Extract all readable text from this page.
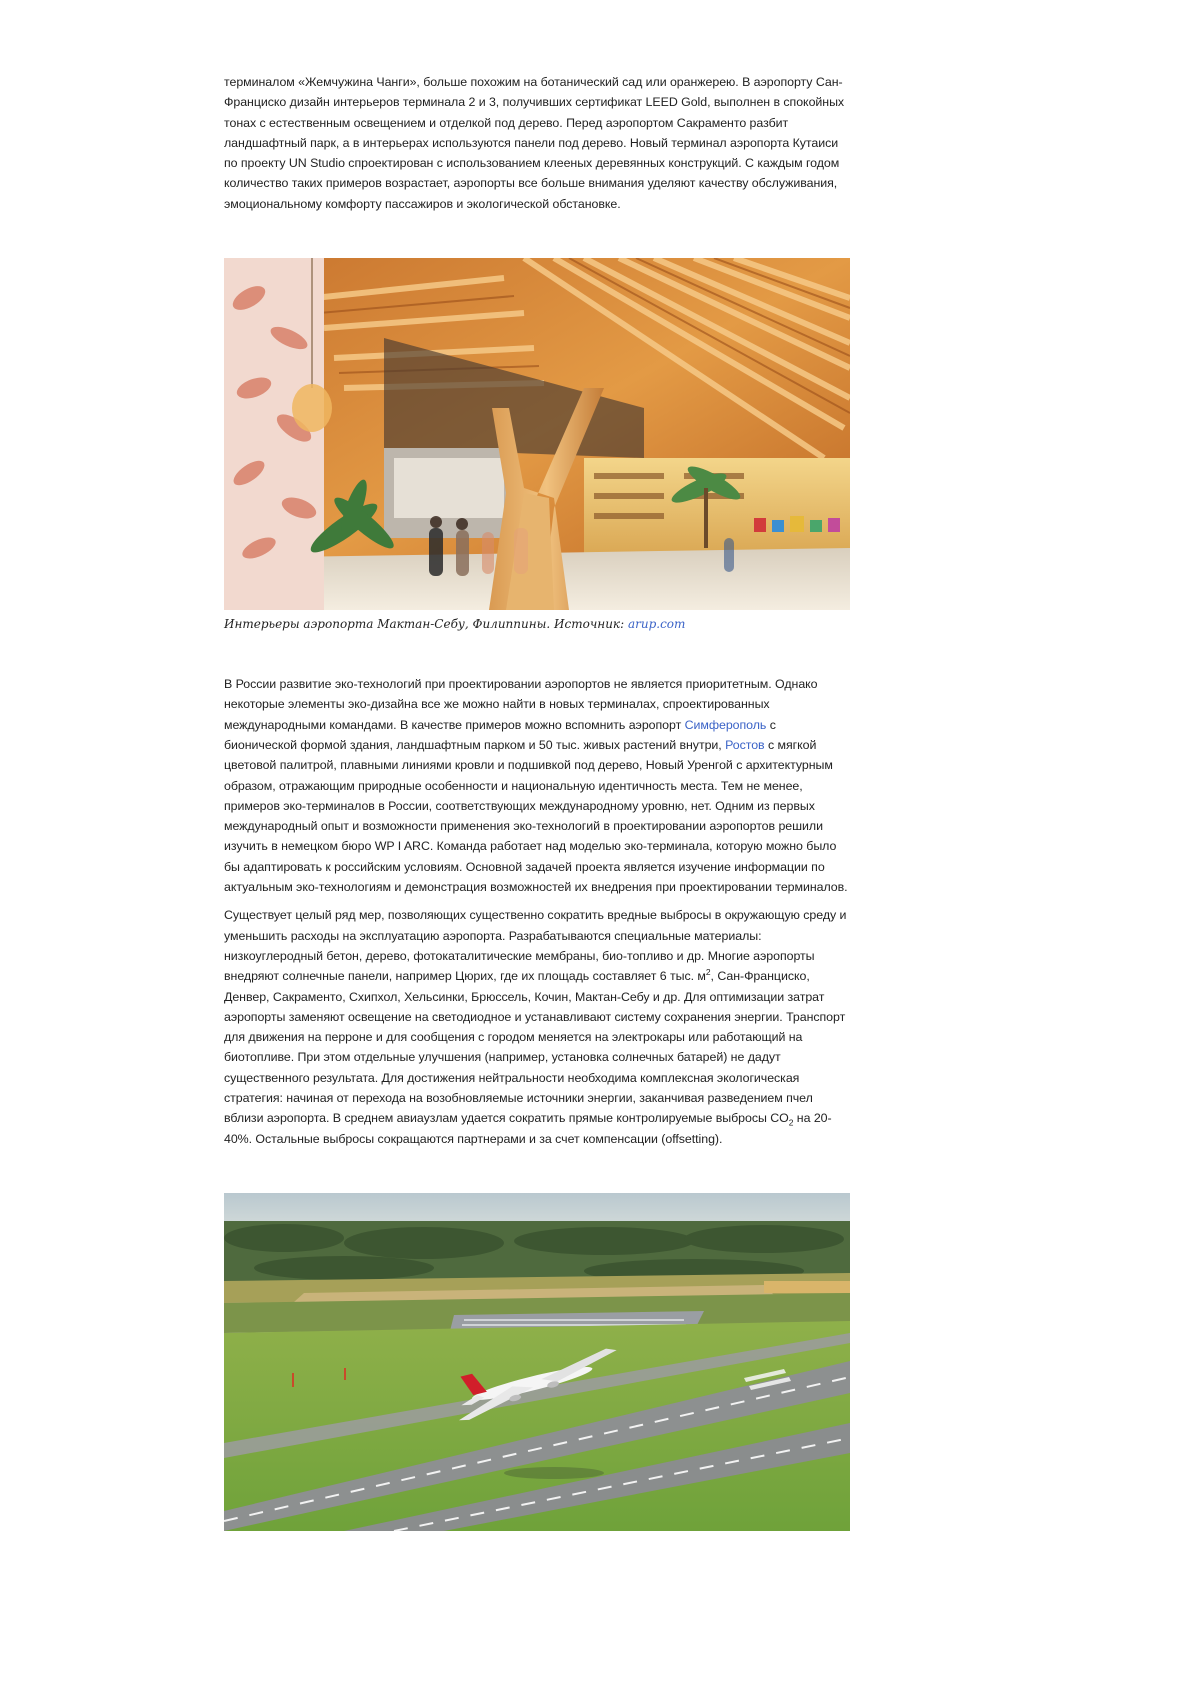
терминалом «Жемчужина Чанги», больше похожим на ботанический сад или оранжерею. В аэропорту Сан-Франциско дизайн интерьеров терминала 2 и 3, получивших сертификат LEED Gold, выполнен в спокойных тонах с естественным освещением и отделкой под дерево. Перед аэропортом Сакраменто разбит ландшафтный парк, а в интерьерах используются панели под дерево. Новый терминал аэропорта Кутаиси по проекту UN Studio спроектирован с использованием клееных деревянных конструкций. С каждым годом количество таких примеров возрастает, аэропорты все больше внимания уделяют качеству обслуживания, эмоциональному комфорту пассажиров и экологической обстановке.

Интерьеры аэропорта Мактан-Себу, Филиппины. Источник: arup.com

В России развитие эко-технологий при проектировании аэропортов не является приоритетным. Однако некоторые элементы эко-дизайна все же можно найти в новых терминалах, спроектированных международными командами. В качестве примеров можно вспомнить аэропорт Симферополь с бионической формой здания, ландшафтным парком и 50 тыс. живых растений внутри, Ростов с мягкой цветовой палитрой, плавными линиями кровли и подшивкой под дерево, Новый Уренгой с архитектурным образом, отражающим природные особенности и национальную идентичность места. Тем не менее, примеров эко-терминалов в России, соответствующих международному уровню, нет. Одним из первых международный опыт и возможности применения эко-технологий в проектировании аэропортов решили изучить в немецком бюро WP I ARC. Команда работает над моделью эко-терминала, которую можно было бы адаптировать к российским условиям. Основной задачей проекта является изучение информации по актуальным эко-технологиям и демонстрация возможностей их внедрения при проектировании терминалов.

Существует целый ряд мер, позволяющих существенно сократить вредные выбросы в окружающую среду и уменьшить расходы на эксплуатацию аэропорта. Разрабатываются специальные материалы: низкоуглеродный бетон, дерево, фотокаталитические мембраны, био-топливо и др. Многие аэропорты внедряют солнечные панели, например Цюрих, где их площадь составляет 6 тыс. $м^2$, Сан-Франциско, Денвер, Сакраменто, Схипхол, Хельсинки, Брюссель, Кочин, Мактан-Себу и др. Для оптимизации затрат аэропорты заменяют освещение на светодиодное и устанавливают систему сохранения энергии. Транспорт для движения на перроне и для сообщения с городом меняется на электрокары или работающий на биотопливе. При этом отдельные улучшения (например, установка солнечных батарей) не дадут существенного результата. Для достижения нейтральности необходима комплексная экологическая стратегия: начиная от перехода на возобновляемые источники энергии, заканчивая разведением пчел вблизи аэропорта. В среднем авиаузлам удается сократить прямые контролируемые выбросы $CO_2$ на 20-40%. Остальные выбросы сокращаются партнерами и за счет компенсации (offsetting).
